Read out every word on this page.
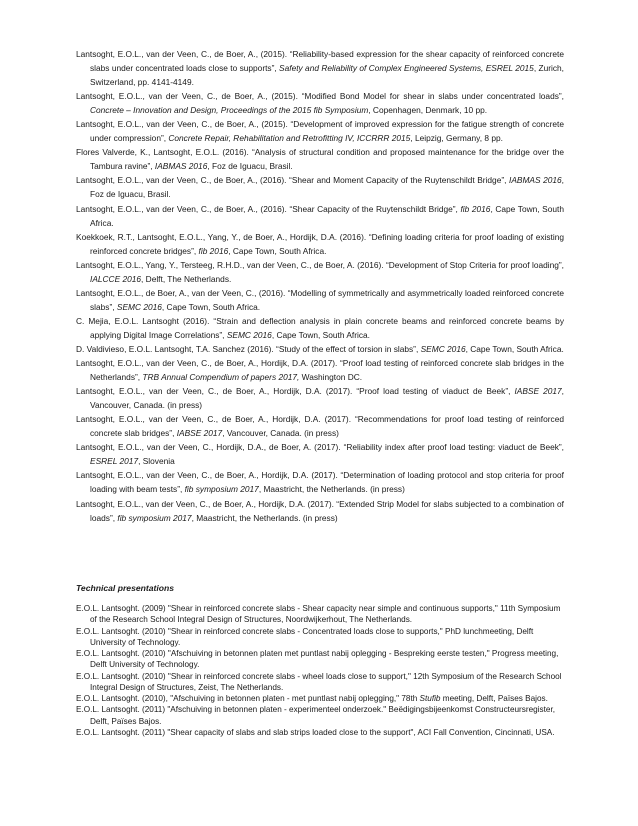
Lantsoght, E.O.L., van der Veen, C., de Boer, A., (2015). “Reliability-based expression for the shear capacity of reinforced concrete slabs under concentrated loads close to supports”, Safety and Reliability of Complex Engineered Systems, ESREL 2015, Zurich, Switzerland, pp. 4141-4149.

Lantsoght, E.O.L., van der Veen, C., de Boer, A., (2015). “Modified Bond Model for shear in slabs under concentrated loads”, Concrete – Innovation and Design, Proceedings of the 2015 fib Symposium, Copenhagen, Denmark, 10 pp.

Lantsoght, E.O.L., van der Veen, C., de Boer, A., (2015). “Development of improved expression for the fatigue strength of concrete under compression”, Concrete Repair, Rehabilitation and Retrofitting IV, ICCRRR 2015, Leipzig, Germany, 8 pp.

Flores Valverde, K., Lantsoght, E.O.L. (2016). “Analysis of structural condition and proposed maintenance for the bridge over the Tambura ravine”, IABMAS 2016, Foz de Iguacu, Brasil.

Lantsoght, E.O.L., van der Veen, C., de Boer, A., (2016). “Shear and Moment Capacity of the Ruytenschildt Bridge”, IABMAS 2016, Foz de Iguacu, Brasil.

Lantsoght, E.O.L., van der Veen, C., de Boer, A., (2016). “Shear Capacity of the Ruytenschildt Bridge”, fib 2016, Cape Town, South Africa.

Koekkoek, R.T., Lantsoght, E.O.L., Yang, Y., de Boer, A., Hordijk, D.A. (2016). “Defining loading criteria for proof loading of existing reinforced concrete bridges”, fib 2016, Cape Town, South Africa.

Lantsoght, E.O.L., Yang, Y., Tersteeg, R.H.D., van der Veen, C., de Boer, A. (2016). “Development of Stop Criteria for proof loading”, IALCCE 2016, Delft, The Netherlands.

Lantsoght, E.O.L., de Boer, A., van der Veen, C., (2016). “Modelling of symmetrically and asymmetrically loaded reinforced concrete slabs”, SEMC 2016, Cape Town, South Africa.

C. Mejia, E.O.L. Lantsoght (2016). “Strain and deflection analysis in plain concrete beams and reinforced concrete beams by applying Digital Image Correlations”, SEMC 2016, Cape Town, South Africa.

D. Valdivieso, E.O.L. Lantsoght, T.A. Sanchez (2016). “Study of the effect of torsion in slabs”, SEMC 2016, Cape Town, South Africa.

Lantsoght, E.O.L., van der Veen, C., de Boer, A., Hordijk, D.A. (2017). “Proof load testing of reinforced concrete slab bridges in the Netherlands”, TRB Annual Compendium of papers 2017, Washington DC.

Lantsoght, E.O.L., van der Veen, C., de Boer, A., Hordijk, D.A. (2017). “Proof load testing of viaduct de Beek”, IABSE 2017, Vancouver, Canada. (in press)

Lantsoght, E.O.L., van der Veen, C., de Boer, A., Hordijk, D.A. (2017). “Recommendations for proof load testing of reinforced concrete slab bridges”, IABSE 2017, Vancouver, Canada. (in press)

Lantsoght, E.O.L., van der Veen, C., Hordijk, D.A., de Boer, A. (2017). “Reliability index after proof load testing: viaduct de Beek”, ESREL 2017, Slovenia

Lantsoght, E.O.L., van der Veen, C., de Boer, A., Hordijk, D.A. (2017). “Determination of loading protocol and stop criteria for proof loading with beam tests”, fib symposium 2017, Maastricht, the Netherlands. (in press)

Lantsoght, E.O.L., van der Veen, C., de Boer, A., Hordijk, D.A. (2017). “Extended Strip Model for slabs subjected to a combination of loads”, fib symposium 2017, Maastricht, the Netherlands. (in press)

Technical presentations

E.O.L. Lantsoght. (2009) "Shear in reinforced concrete slabs - Shear capacity near simple and continuous supports," 11th Symposium of the Research School Integral Design of Structures, Noordwijkerhout, The Netherlands.

E.O.L. Lantsoght. (2010) "Shear in reinforced concrete slabs - Concentrated loads close to supports," PhD lunchmeeting, Delft University of Technology.

E.O.L. Lantsoght. (2010) "Afschuiving in betonnen platen met puntlast nabij oplegging - Bespreking eerste testen," Progress meeting, Delft University of Technology.

E.O.L. Lantsoght. (2010) "Shear in reinforced concrete slabs - wheel loads close to support," 12th Symposium of the Research School Integral Design of Structures, Zeist, The Netherlands.

E.O.L. Lantsoght. (2010), "Afschuiving in betonnen platen - met puntlast nabij oplegging," 78th Stufib meeting, Delft, Païses Bajos.

E.O.L. Lantsoght. (2011) "Afschuiving in betonnen platen - experimenteel onderzoek." Beëdigingsbijeenkomst Constructeursregister, Delft, Païses Bajos.

E.O.L. Lantsoght. (2011) "Shear capacity of slabs and slab strips loaded close to the support", ACI Fall Convention, Cincinnati, USA.
